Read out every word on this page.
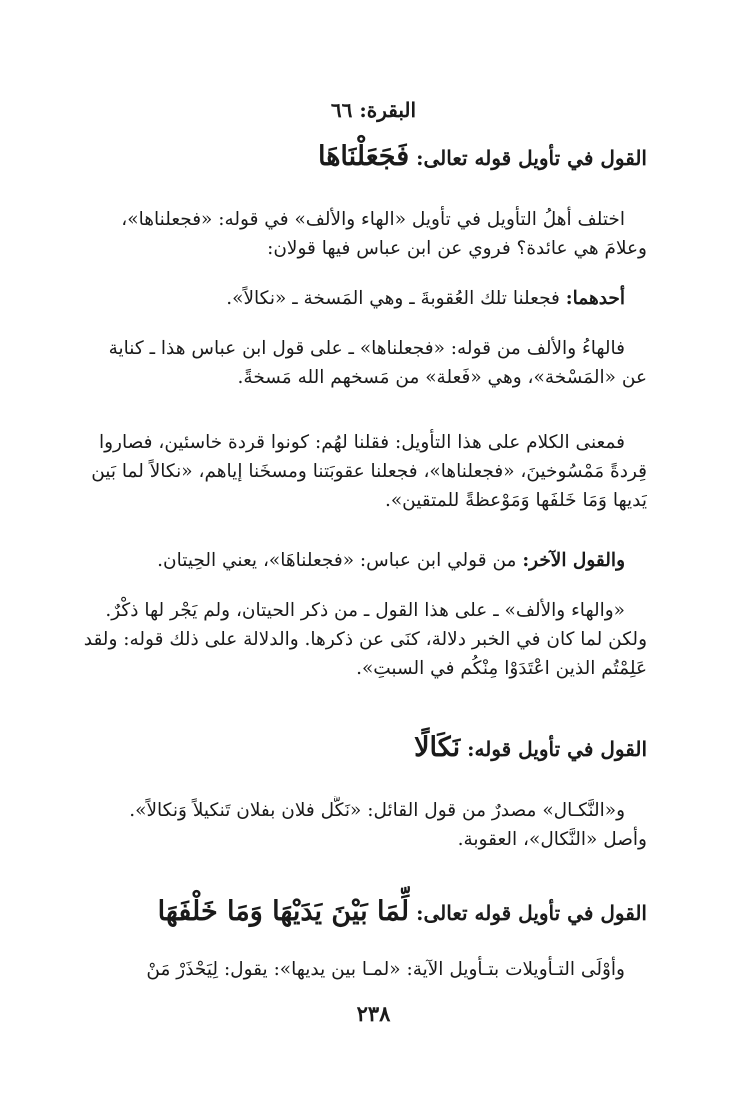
البقرة: ٦٦
القول في تأويل قوله تعالى: فَجَعَلْنَاهَا
اختلف أهلُ التأويل في تأويل «الهاء والألف» في قوله: «فجعلناها»،
وعلامَ هي عائدة؟ فروي عن ابن عباس فيها قولان:
أحدهما: فجعلنا تلك العُقوبةَ ـ وهي المَسخة ـ «نكالاً».
فالهاءُ والألف من قوله: «فجعلناها» ـ على قول ابن عباس هذا ـ كناية
عن «المَسْخة»، وهي «فَعلة» من مَسخهم الله مَسخةً.
فمعنى الكلام على هذا التأويل: فقلنا لهُم: كونوا قردة خاسئين، فصاروا
قِردةً مَمْسُوخينَ، «فجعلناها»، فجعلنا عقوبَتنا ومسخَنا إياهم، «نكالاً لما بَين
يَديها وَمَا خَلفَها وَمَوْعظةً للمتقين».
والقول الآخر: من قولي ابن عباس: «فجعلناهَا»، يعني الحِيتان.
«والهاء والألف» ـ على هذا القول ـ من ذكر الحيتان، ولم يَجْر لها ذكْرٌ.
ولكن لما كان في الخبر دلالة، كنَى عن ذكرها. والدلالة على ذلك قوله: ولقد
عَلِمْتُم الذين اعْتَدَوْا مِنْكُم في السبتِ».
القول في تأويل قوله: نَكَالًا
و«النَّكـال» مصدرٌ من قول القائل: «نَكَّل فلان بفلان تَنكيلاً وَنكالاً».
وأصل «النَّكال»، العقوبة.
القول في تأويل قوله تعالى: لِّمَا بَيْنَ يَدَيْهَا وَمَا خَلْفَهَا
وأوْلَى التـأويلات بتـأويل الآية: «لمـا بين يديها»: يقول: لِيَحْذَرْ مَنْ
٢٣٨
